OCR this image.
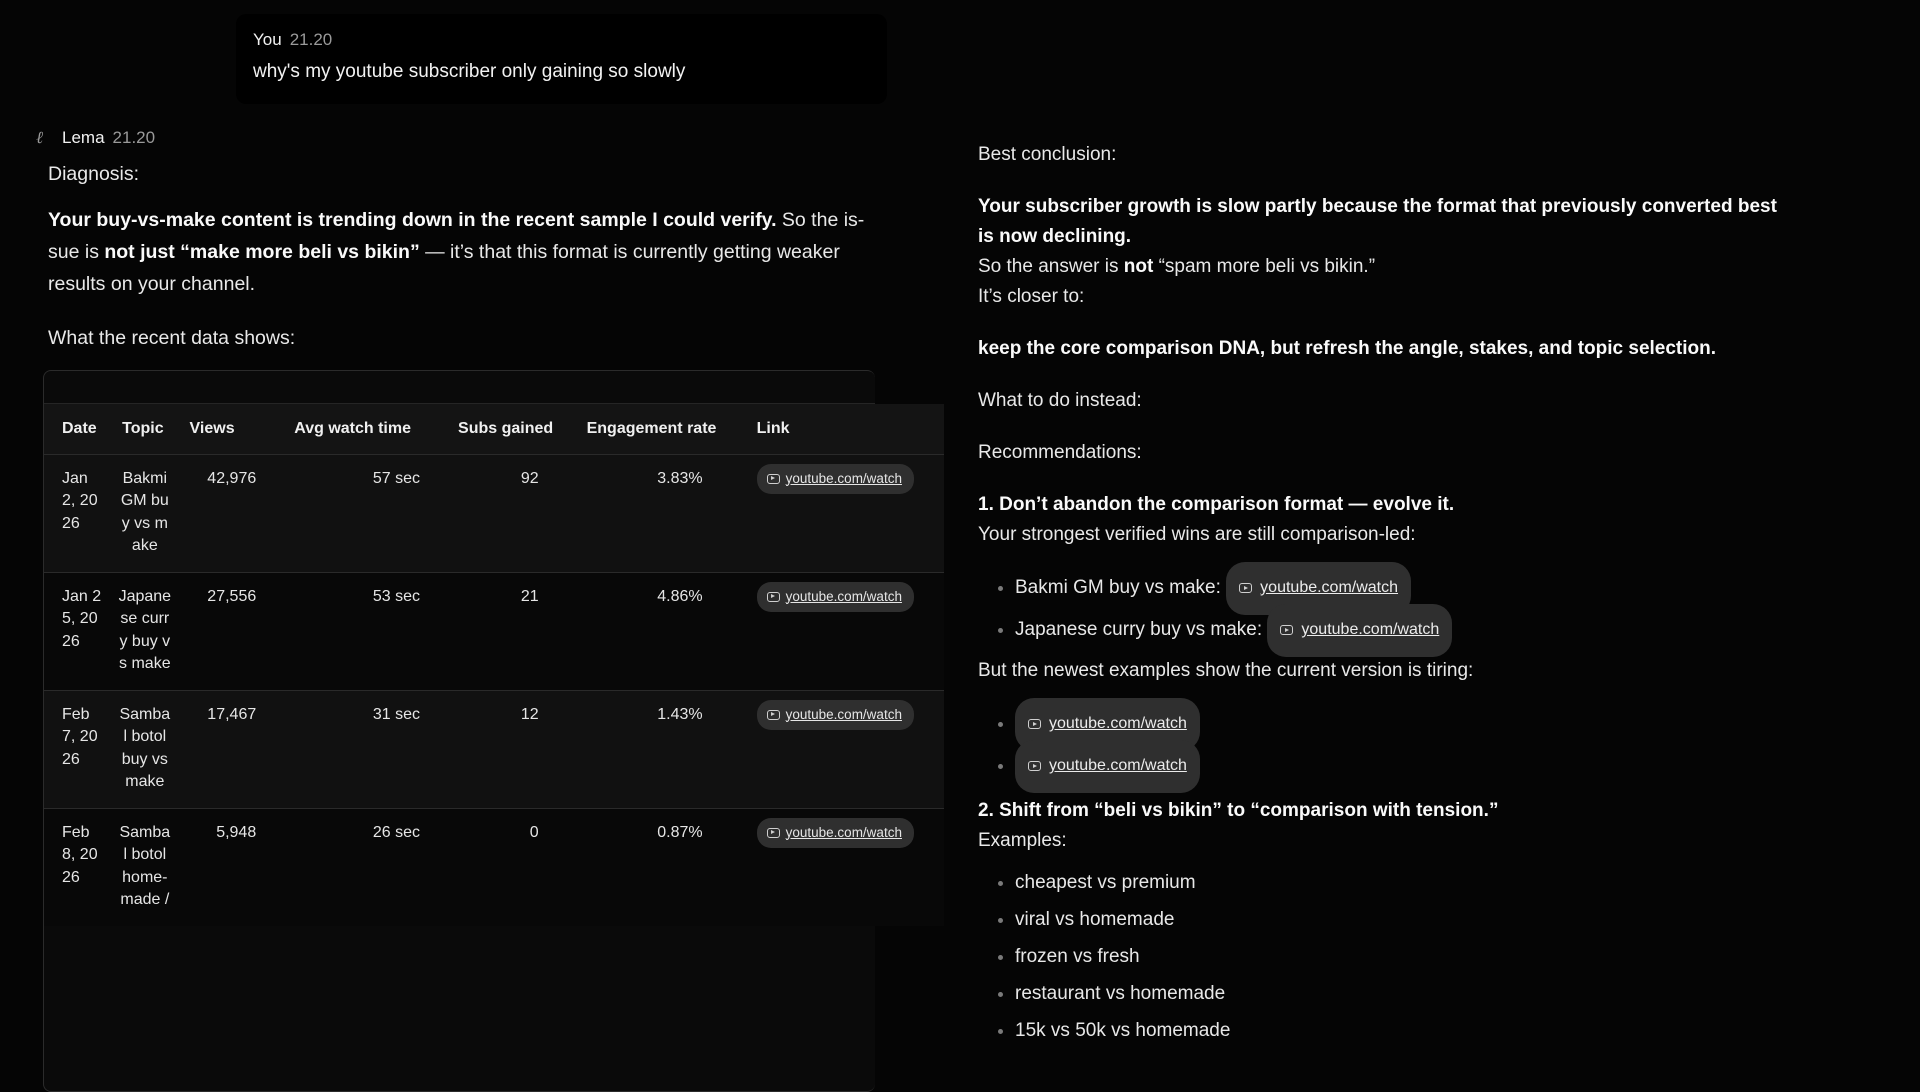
You 21.20
why's my youtube subscriber only gaining so slowly
ℓ	Lema 21.20

Diagnosis:

Your buy-vs-make content is trending down in the recent sample I could verify. So the is-sue is not just “make more beli vs bikin” — it’s that this format is currently getting weaker results on your channel.

What the recent data shows:

Date	Topic	Views	Avg watch time	Subs gained	Engagement rate	Link
Jan 2, 2026	Bakmi GM buy vs make	42,976	57 sec	92	3.83%	youtube.com/watch

Jan 25, 2026	Japanese curry buy vs make	27,556	53 sec	21	4.86%	youtube.com/watch

Feb 7, 2026	Sambal botol buy vs make	17,467	31 sec	12	1.43%	youtube.com/watch

Feb 8, 2026	Sambal botol home-made /	5,948	26 sec	0	0.87%	youtube.com/watch

Best conclusion:

Your subscriber growth is slow partly because the format that previously converted best is now declining.

So the answer is not “spam more beli vs bikin.”

It’s closer to:

keep the core comparison DNA, but refresh the angle, stakes, and topic selection.

What to do instead:

Recommendations:

1. Don’t abandon the comparison format — evolve it.

Your strongest verified wins are still comparison-led:

• Bakmi GM buy vs make: youtube.com/watch
• Japanese curry buy vs make: youtube.com/watch

But the newest examples show the current version is tiring:

• youtube.com/watch
• youtube.com/watch

2. Shift from “beli vs bikin” to “comparison with tension.”

Examples:

• cheapest vs premium
• viral vs homemade
• frozen vs fresh
• restaurant vs homemade
• 15k vs 50k vs homemade
